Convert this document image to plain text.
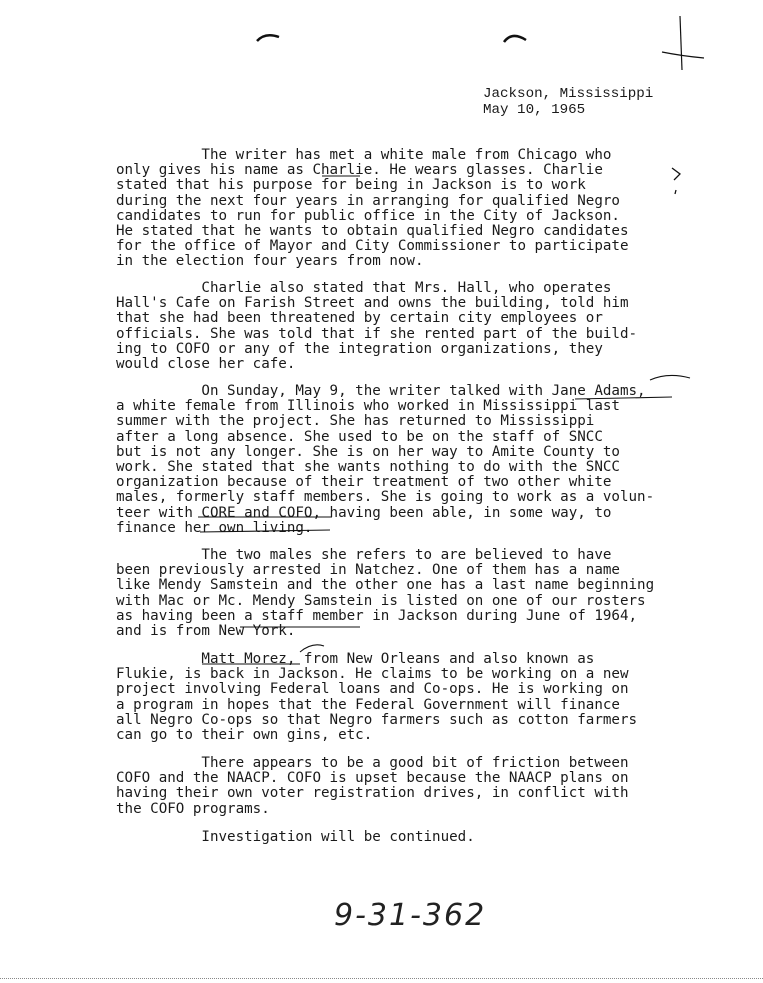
Jackson, Mississippi
May 10, 1965
The writer has met a white male from Chicago who
only gives his name as Charlie. He wears glasses. Charlie
stated that his purpose for being in Jackson is to work
during the next four years in arranging for qualified Negro
candidates to run for public office in the City of Jackson.
He stated that he wants to obtain qualified Negro candidates
for the office of Mayor and City Commissioner to participate
in the election four years from now.
Charlie also stated that Mrs. Hall, who operates
Hall's Cafe on Farish Street and owns the building, told him
that she had been threatened by certain city employees or
officials. She was told that if she rented part of the build-
ing to COFO or any of the integration organizations, they
would close her cafe.
On Sunday, May 9, the writer talked with Jane Adams,
a white female from Illinois who worked in Mississippi last
summer with the project. She has returned to Mississippi
after a long absence. She used to be on the staff of SNCC
but is not any longer. She is on her way to Amite County to
work. She stated that she wants nothing to do with the SNCC
organization because of their treatment of two other white
males, formerly staff members. She is going to work as a volun-
teer with CORE and COFO, having been able, in some way, to
finance her own living.
The two males she refers to are believed to have
been previously arrested in Natchez. One of them has a name
like Mendy Samstein and the other one has a last name beginning
with Mac or Mc. Mendy Samstein is listed on one of our rosters
as having been a staff member in Jackson during June of 1964,
and is from New York.
Matt Morez, from New Orleans and also known as
Flukie, is back in Jackson. He claims to be working on a new
project involving Federal loans and Co-ops. He is working on
a program in hopes that the Federal Government will finance
all Negro Co-ops so that Negro farmers such as cotton farmers
can go to their own gins, etc.
There appears to be a good bit of friction between
COFO and the NAACP. COFO is upset because the NAACP plans on
having their own voter registration drives, in conflict with
the COFO programs.
Investigation will be continued.
9-31-362
